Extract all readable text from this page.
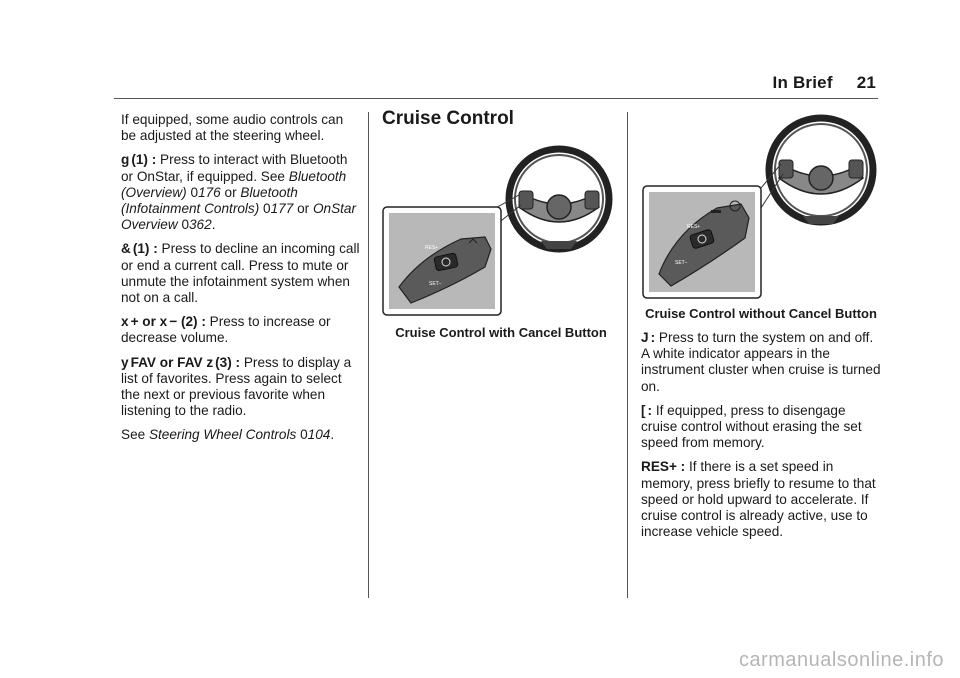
In Brief 21

If equipped, some audio controls can be adjusted at the steering wheel.

g (1) : Press to interact with Bluetooth or OnStar, if equipped. See Bluetooth (Overview) 0176 or Bluetooth (Infotainment Controls) 0177 or OnStar Overview 0362.

& (1) : Press to decline an incoming call or end a current call. Press to mute or unmute the infotainment system when not on a call.

x + or x − (2) : Press to increase or decrease volume.

y FAV or FAV z (3) : Press to display a list of favorites. Press again to select the next or previous favorite when listening to the radio.

See Steering Wheel Controls 0104.

Cruise Control
RES+
SET−
Cruise Control with Cancel Button
RES+
SET−
Cruise Control without Cancel Button

J : Press to turn the system on and off. A white indicator appears in the instrument cluster when cruise is turned on.

[ : If equipped, press to disengage cruise control without erasing the set speed from memory.

RES+ : If there is a set speed in memory, press briefly to resume to that speed or hold upward to accelerate. If cruise control is already active, use to increase vehicle speed.

carmanualsonline.info
